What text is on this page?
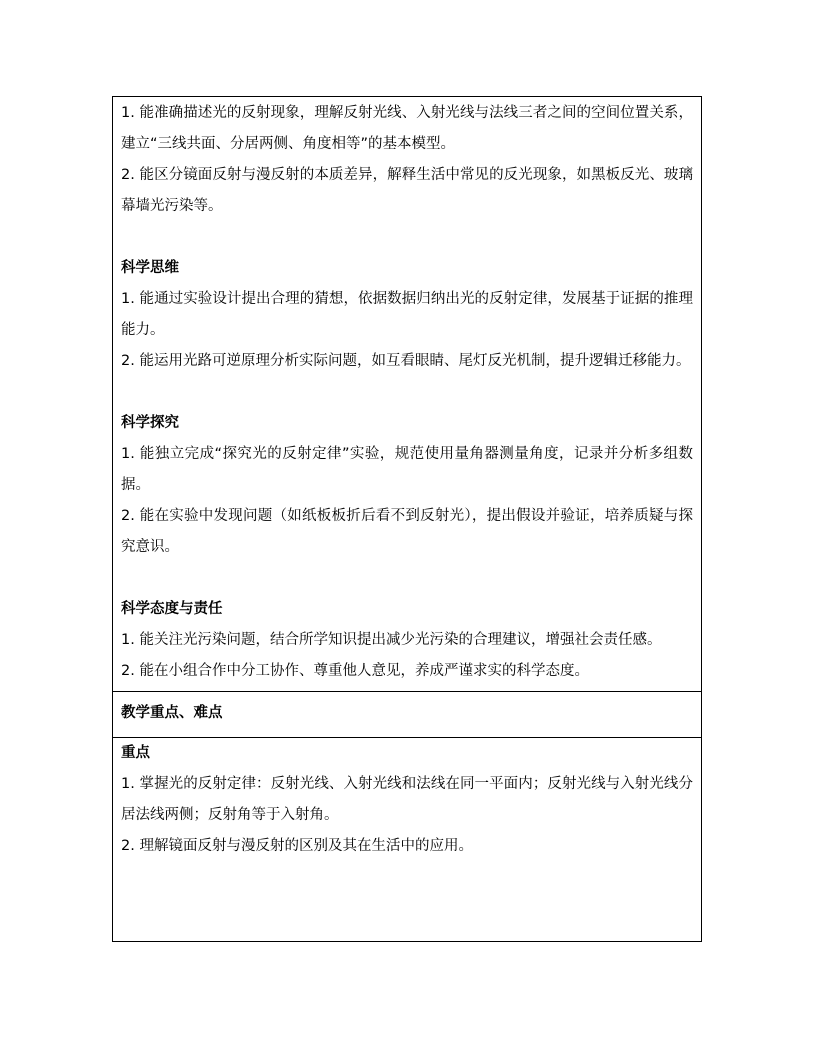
1. 能准确描述光的反射现象，理解反射光线、入射光线与法线三者之间的空间位置关系，建立“三线共面、分居两侧、角度相等”的基本模型。

2. 能区分镜面反射与漫反射的本质差异，解释生活中常见的反光现象，如黑板反光、玻璃幕墙光污染等。

科学思维

1. 能通过实验设计提出合理的猜想，依据数据归纳出光的反射定律，发展基于证据的推理能力。

2. 能运用光路可逆原理分析实际问题，如互看眼睛、尾灯反光机制，提升逻辑迁移能力。

科学探究

1. 能独立完成“探究光的反射定律”实验，规范使用量角器测量角度，记录并分析多组数据。

2. 能在实验中发现问题（如纸板板折后看不到反射光），提出假设并验证，培养质疑与探究意识。

科学态度与责任

1. 能关注光污染问题，结合所学知识提出减少光污染的合理建议，增强社会责任感。

2. 能在小组合作中分工协作、尊重他人意见，养成严谨求实的科学态度。

教学重点、难点

重点

1. 掌握光的反射定律：反射光线、入射光线和法线在同一平面内；反射光线与入射光线分居法线两侧；反射角等于入射角。

2. 理解镜面反射与漫反射的区别及其在生活中的应用。
